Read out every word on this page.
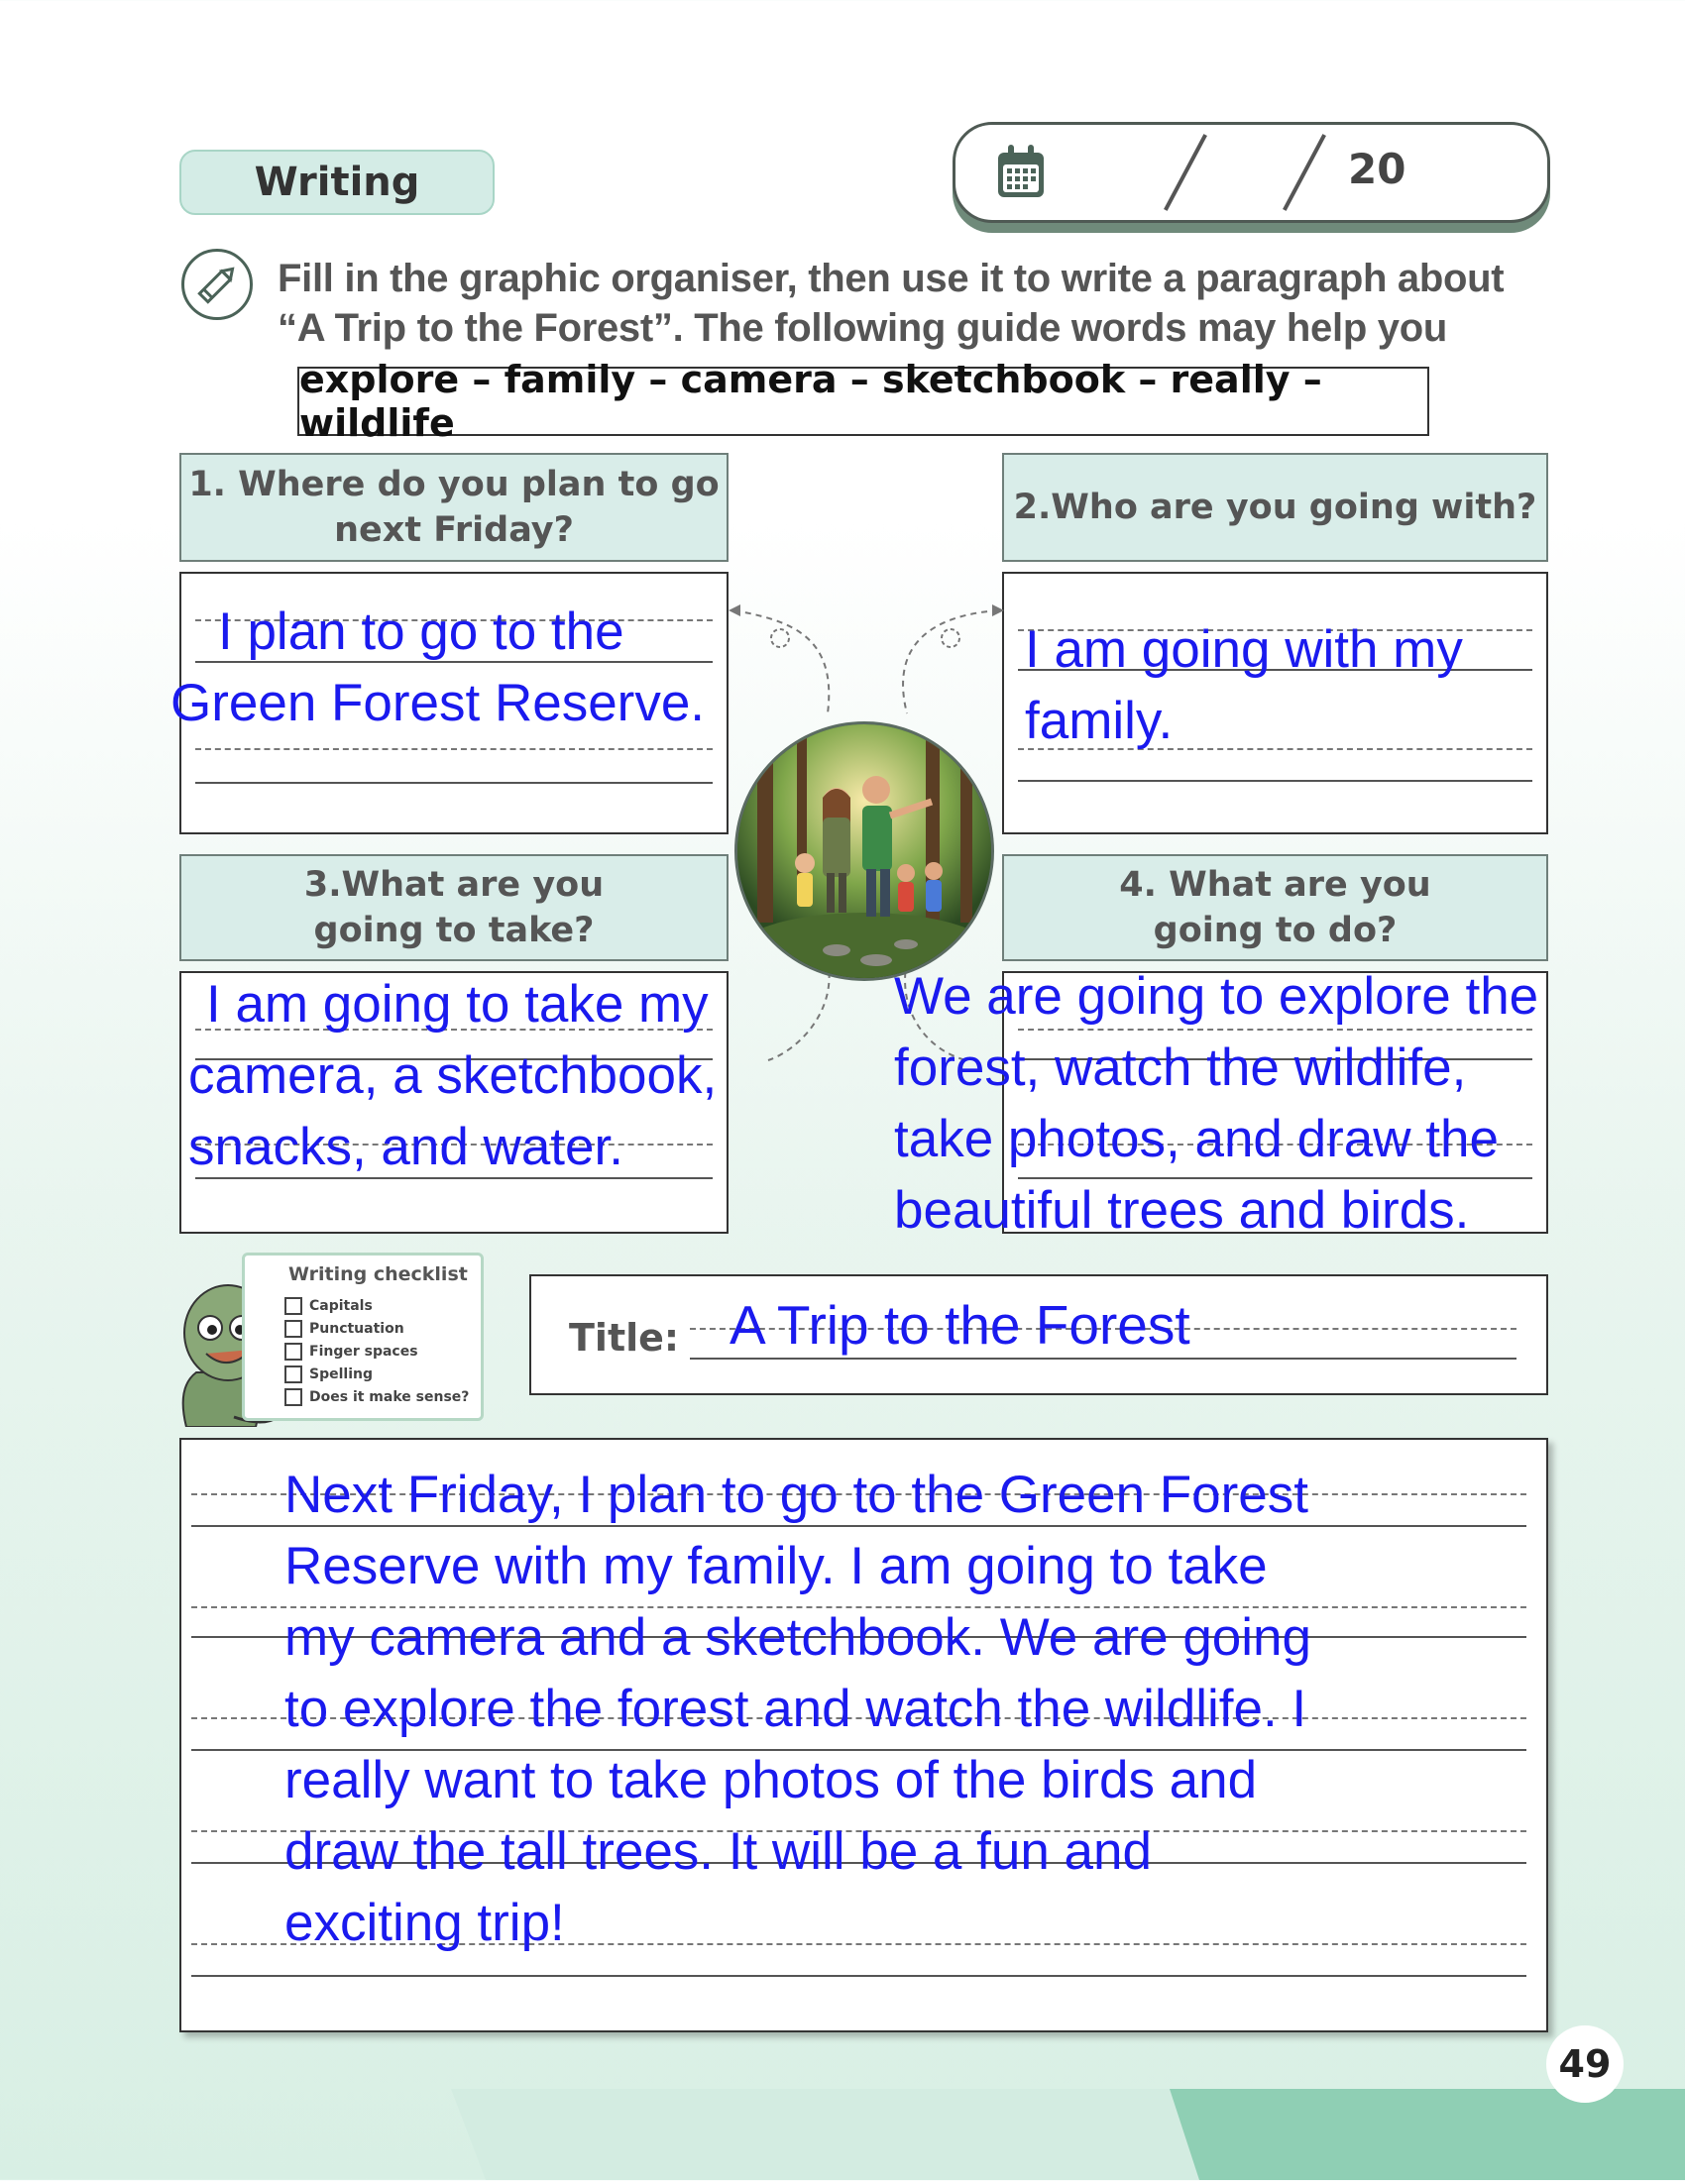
Writing	20
Fill in the graphic organiser, then use it to write a paragraph about
“A Trip to the Forest”. The following guide words may help you
explore – family – camera – sketchbook – really – wildlife
1. Where do you plan to go
next Friday?
I plan to go to the
Green Forest Reserve.
2.Who are you going with?
I am going with my
family.
3.What are you
going to take?
I am going to take my
camera, a sketchbook,
snacks, and water.
4. What are you
going to do?
We are going to explore the
forest, watch the wildlife,
take photos, and draw the
beautiful trees and birds.
Writing checklist
Capitals
Punctuation
Finger spaces
Spelling
Does it make sense?
Title: A Trip to the Forest
Next Friday, I plan to go to the Green Forest
Reserve with my family. I am going to take
my camera and a sketchbook. We are going
to explore the forest and watch the wildlife. I
really want to take photos of the birds and
draw the tall trees. It will be a fun and
exciting trip!
49
